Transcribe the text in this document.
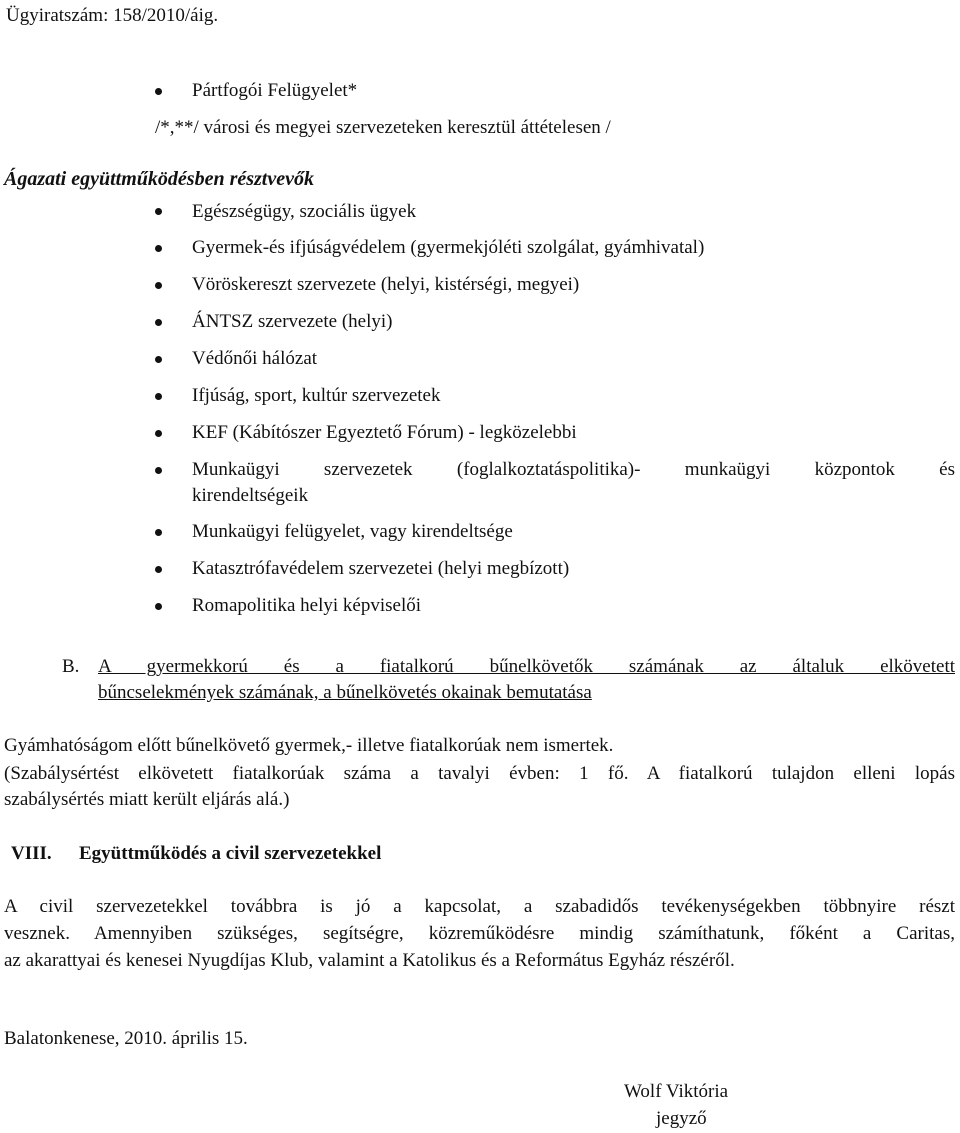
Ügyiratszám: 158/2010/áig.
Pártfogói Felügyelet*
/*,**/ városi és megyei szervezeteken keresztül áttételesen /
Ágazati együttműködésben résztvevők
Egészségügy, szociális ügyek
Gyermek-és ifjúságvédelem (gyermekjóléti szolgálat, gyámhivatal)
Vöröskereszt szervezete (helyi, kistérségi, megyei)
ÁNTSZ szervezete (helyi)
Védőnői hálózat
Ifjúság, sport, kultúr szervezetek
KEF (Kábítószer Egyeztető Fórum) - legközelebbi
Munkaügyi szervezetek (foglalkoztatáspolitika)- munkaügyi központok és
kirendeltségeik
Munkaügyi felügyelet, vagy kirendeltsége
Katasztrófavédelem szervezetei (helyi megbízott)
Romapolitika helyi képviselői
B. A gyermekkorú és a fiatalkorú bűnelkövetők számának az általuk elkövetett
bűncselekmények számának, a bűnelkövetés okainak bemutatása
Gyámhatóságom előtt bűnelkövető gyermek,- illetve fiatalkorúak nem ismertek.
(Szabálysértést elkövetett fiatalkorúak száma a tavalyi évben: 1 fő. A fiatalkorú tulajdon elleni lopás
szabálysértés miatt került eljárás alá.)
VIII. Együttműködés a civil szervezetekkel
A civil szervezetekkel továbbra is jó a kapcsolat, a szabadidős tevékenységekben többnyire részt
vesznek. Amennyiben szükséges, segítségre, közreműködésre mindig számíthatunk, főként a Caritas,
az akarattyai és kenesei Nyugdíjas Klub, valamint a Katolikus és a Református Egyház részéről.
Balatonkenese, 2010. április 15.
Wolf Viktória
jegyző
